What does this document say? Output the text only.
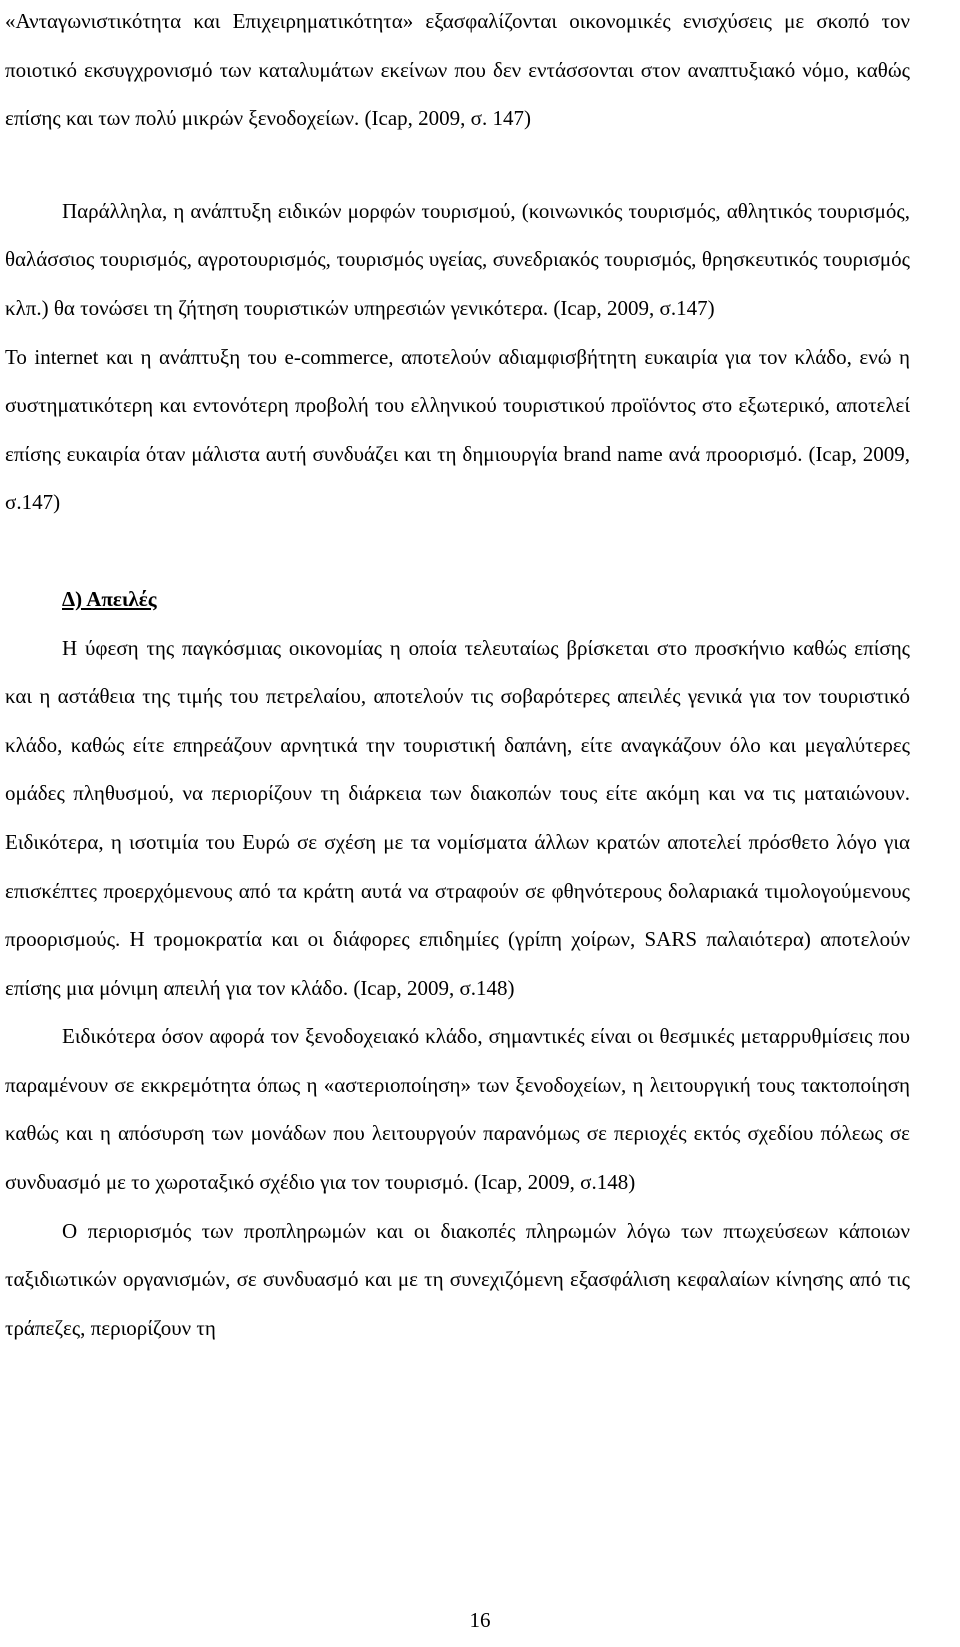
«Ανταγωνιστικότητα και Επιχειρηματικότητα» εξασφαλίζονται οικονομικές ενισχύσεις με σκοπό τον ποιοτικό εκσυγχρονισμό των καταλυμάτων εκείνων που δεν εντάσσονται στον αναπτυξιακό νόμο, καθώς επίσης και των πολύ μικρών ξενοδοχείων. (Icap, 2009, σ. 147)

Παράλληλα, η ανάπτυξη ειδικών μορφών τουρισμού, (κοινωνικός τουρισμός, αθλητικός τουρισμός, θαλάσσιος τουρισμός, αγροτουρισμός, τουρισμός υγείας, συνεδριακός τουρισμός, θρησκευτικός τουρισμός κλπ.) θα τονώσει τη ζήτηση τουριστικών υπηρεσιών γενικότερα. (Icap, 2009, σ.147)

Το internet και η ανάπτυξη του e-commerce, αποτελούν αδιαμφισβήτητη ευκαιρία για τον κλάδο, ενώ η συστηματικότερη και εντονότερη προβολή του ελληνικού τουριστικού προϊόντος στο εξωτερικό, αποτελεί επίσης ευκαιρία όταν μάλιστα αυτή συνδυάζει και τη δημιουργία brand name ανά προορισμό. (Icap, 2009, σ.147)

Δ) Απειλές

Η ύφεση της παγκόσμιας οικονομίας η οποία τελευταίως βρίσκεται στο προσκήνιο καθώς επίσης και η αστάθεια της τιμής του πετρελαίου, αποτελούν τις σοβαρότερες απειλές γενικά για τον τουριστικό κλάδο, καθώς είτε επηρεάζουν αρνητικά την τουριστική δαπάνη, είτε αναγκάζουν όλο και μεγαλύτερες ομάδες πληθυσμού, να περιορίζουν τη διάρκεια των διακοπών τους είτε ακόμη και να τις ματαιώνουν. Ειδικότερα, η ισοτιμία του Ευρώ σε σχέση με τα νομίσματα άλλων κρατών αποτελεί πρόσθετο λόγο για επισκέπτες προερχόμενους από τα κράτη αυτά να στραφούν σε φθηνότερους δολαριακά τιμολογούμενους προορισμούς. Η τρομοκρατία και οι διάφορες επιδημίες (γρίπη χοίρων, SARS παλαιότερα) αποτελούν επίσης μια μόνιμη απειλή για τον κλάδο. (Icap, 2009, σ.148)

Ειδικότερα όσον αφορά τον ξενοδοχειακό κλάδο, σημαντικές είναι οι θεσμικές μεταρρυθμίσεις που παραμένουν σε εκκρεμότητα όπως η «αστεριοποίηση» των ξενοδοχείων, η λειτουργική τους τακτοποίηση καθώς και η απόσυρση των μονάδων που λειτουργούν παρανόμως σε περιοχές εκτός σχεδίου πόλεως σε συνδυασμό με το χωροταξικό σχέδιο για τον τουρισμό. (Icap, 2009, σ.148)

Ο περιορισμός των προπληρωμών και οι διακοπές πληρωμών λόγω των πτωχεύσεων κάποιων ταξιδιωτικών οργανισμών, σε συνδυασμό και με τη συνεχιζόμενη εξασφάλιση κεφαλαίων κίνησης από τις τράπεζες, περιορίζουν τη

16
